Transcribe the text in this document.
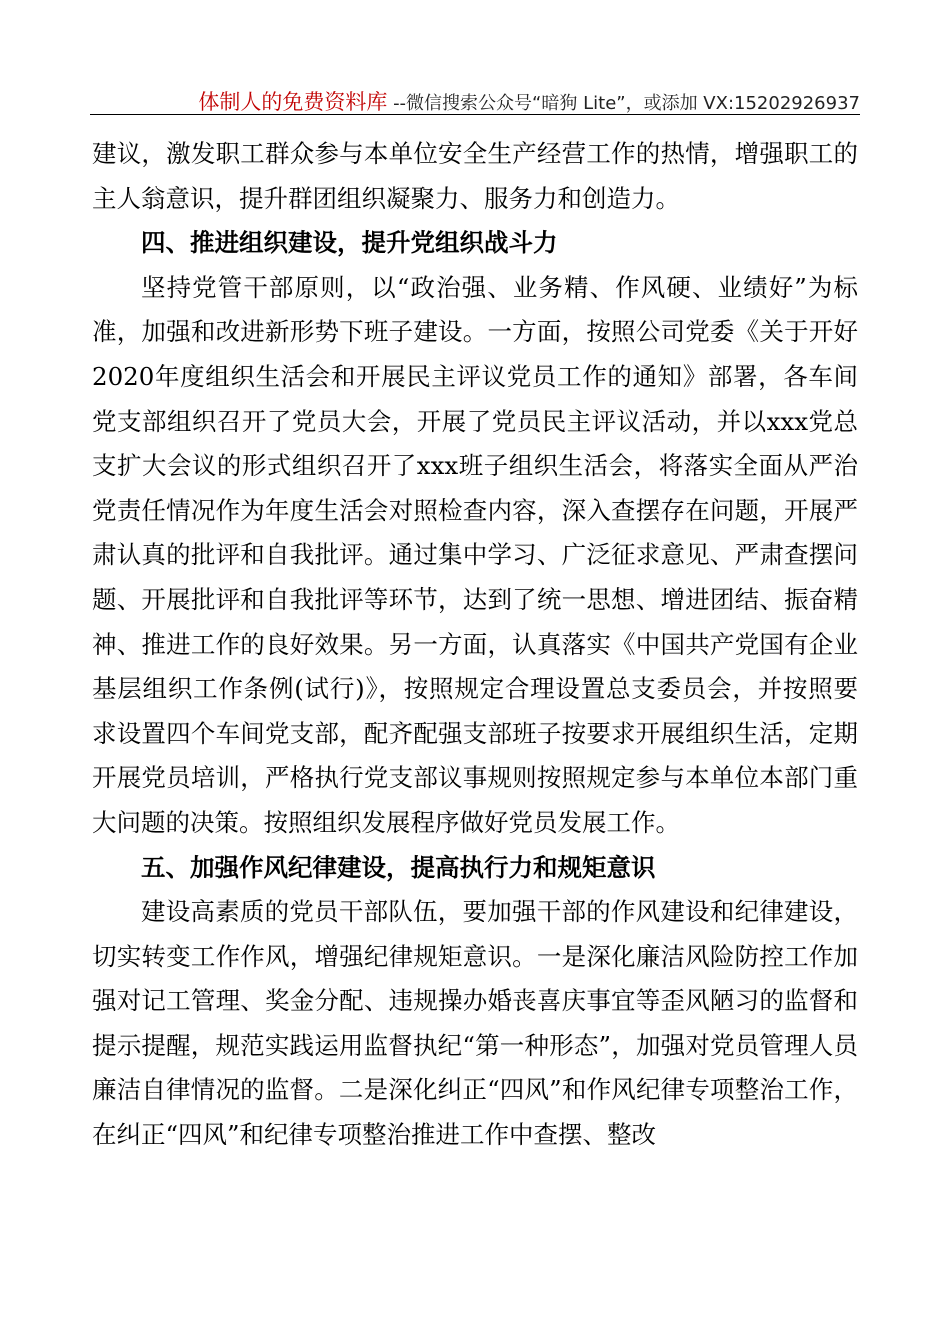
体制人的免费资料库 --微信搜索公众号“暗狗 Lite”，或添加 VX:15202926937

建议，激发职工群众参与本单位安全生产经营工作的热情，增强职工的主人翁意识，提升群团组织凝聚力、服务力和创造力。

四、推进组织建设，提升党组织战斗力

坚持党管干部原则，以“政治强、业务精、作风硬、业绩好”为标准，加强和改进新形势下班子建设。一方面，按照公司党委《关于开好2020年度组织生活会和开展民主评议党员工作的通知》部署，各车间党支部组织召开了党员大会，开展了党员民主评议活动，并以xxx党总支扩大会议的形式组织召开了xxx班子组织生活会，将落实全面从严治党责任情况作为年度生活会对照检查内容，深入查摆存在问题，开展严肃认真的批评和自我批评。通过集中学习、广泛征求意见、严肃查摆问题、开展批评和自我批评等环节，达到了统一思想、增进团结、振奋精神、推进工作的良好效果。另一方面，认真落实《中国共产党国有企业基层组织工作条例(试行)》，按照规定合理设置总支委员会，并按照要求设置四个车间党支部，配齐配强支部班子按要求开展组织生活，定期开展党员培训，严格执行党支部议事规则按照规定参与本单位本部门重大问题的决策。按照组织发展程序做好党员发展工作。

五、加强作风纪律建设，提高执行力和规矩意识

建设高素质的党员干部队伍，要加强干部的作风建设和纪律建设，切实转变工作作风，增强纪律规矩意识。一是深化廉洁风险防控工作加强对记工管理、奖金分配、违规操办婚丧喜庆事宜等歪风陋习的监督和提示提醒，规范实践运用监督执纪“第一种形态”，加强对党员管理人员廉洁自律情况的监督。二是深化纠正“四风”和作风纪律专项整治工作，在纠正“四风”和纪律专项整治推进工作中查摆、整改
